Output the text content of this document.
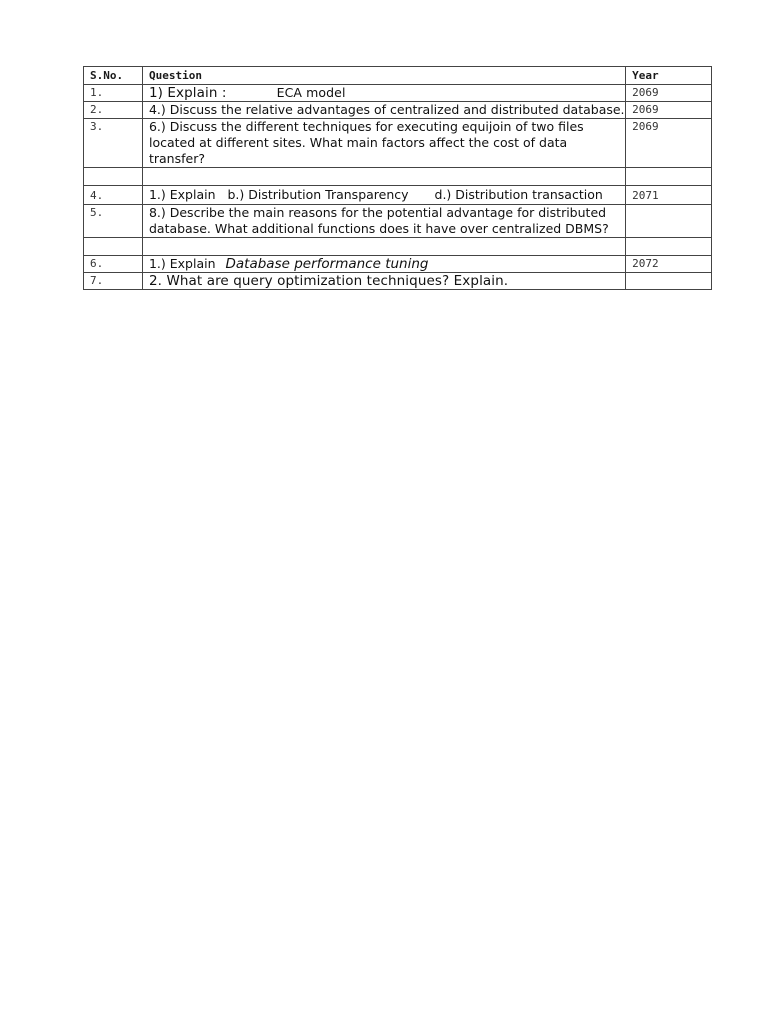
S.No.	Question	Year
1.	1) Explain : ECA model	2069
2.	4.) Discuss the relative advantages of centralized and distributed database.	2069
3.	6.) Discuss the different techniques for executing equijoin of two files located at different sites. What main factors affect the cost of data transfer?	2069

4.	1.) Explain b.) Distribution Transparency d.) Distribution transaction	2071
5.	8.) Describe the main reasons for the potential advantage for distributed database. What additional functions does it have over centralized DBMS?	

6.	1.) Explain Database performance tuning	2072
7.	2. What are query optimization techniques? Explain.	
